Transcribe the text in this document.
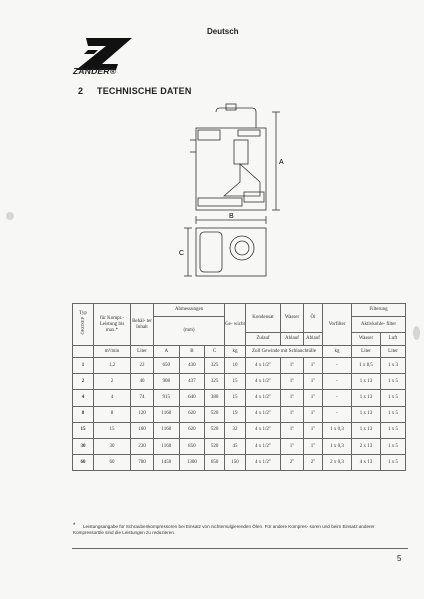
Deutsch
ZANDER®
2 TECHNISCHE DATEN
A
B
C
Typ
ÖKOSEP	für Kompr.- Leistung bis max.*	Behäl- ter Inhalt	Abmessungen			Ge- wicht	Kondensat	Wasser	Öl	Vorfilter	Filterung	
			(mm)								Aktivkohle- filter	
							Zulauf	Ablauf	Ablauf		Wasser	Luft
	m³/min	Liter	A	B	C	kg	Zoll Gewinde mit Schlauchtülle			kg	Liter	Liter
1	1,2	22	650	430	325	10	4 x 1/2"	1"	1"	-	1 x 8,5	1 x 3
2	2	40	908	437	325	15	4 x 1/2"	1"	1"	-	1 x 13	1 x 5
4	4	74	915	640	380	15	4 x 1/2"	1"	1"	-	1 x 13	1 x 5
8	8	120	1160	620	520	19	4 x 1/2"	1"	1"	-	1 x 13	1 x 5
15	15	160	1160	620	520	32	4 x 1/2"	1"	1"	1 x 0,3	1 x 13	1 x 5
30	30	230	1160	850	520	45	4 x 1/2"	1"	1"	1 x 0,3	2 x 13	1 x 5
60	60	700	1450	1300	650	150	4 x 1/2"	2"	2"	2 x 0,3	4 x 13	1 x 5
*	Leistungsangabe für Schraubenkompressoren bei Einsatz von nichtemulgierenden Ölen. Für andere Kompres- soren und beim Einsatz anderer Kompressoröle sind die Leistungen zu reduzieren.
5
